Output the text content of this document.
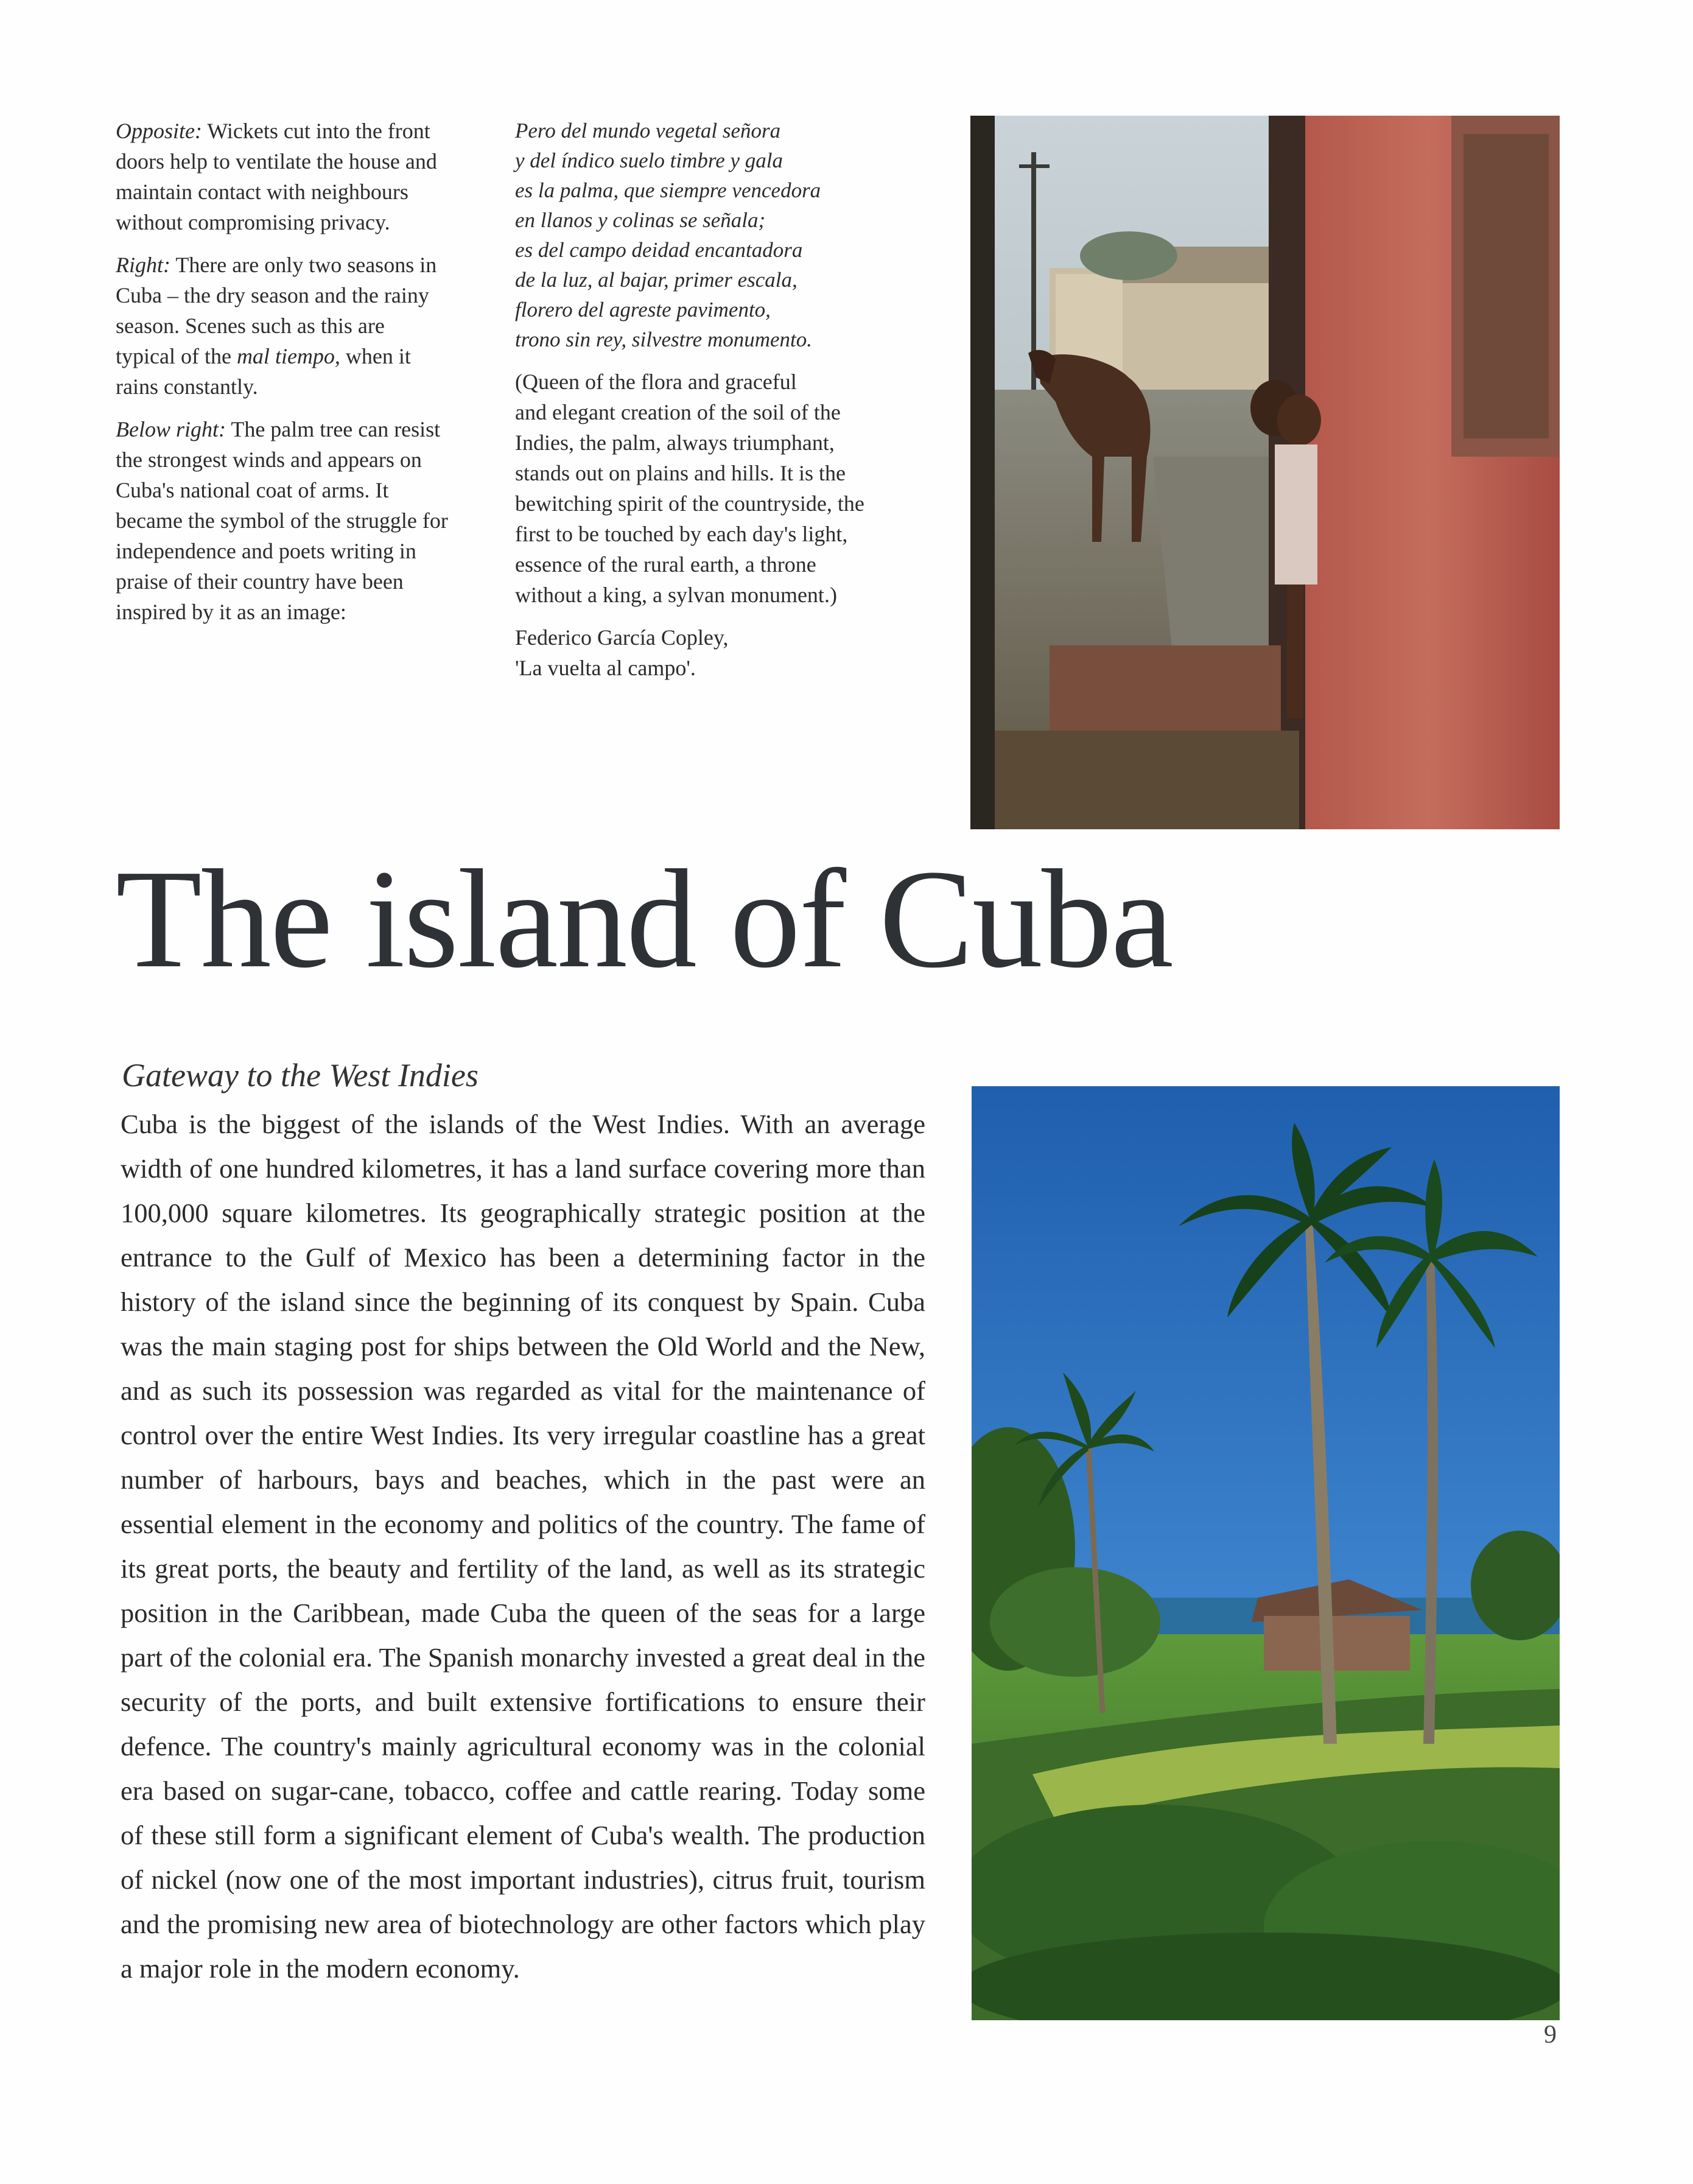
Opposite: Wickets cut into the front doors help to ventilate the house and maintain contact with neighbours without compromising privacy.

Right: There are only two seasons in Cuba – the dry season and the rainy season. Scenes such as this are typical of the mal tiempo, when it rains constantly.

Below right: The palm tree can resist the strongest winds and appears on Cuba's national coat of arms. It became the symbol of the struggle for independence and poets writing in praise of their country have been inspired by it as an image:

Pero del mundo vegetal señora
y del índico suelo timbre y gala
es la palma, que siempre vencedora
en llanos y colinas se señala;
es del campo deidad encantadora
de la luz, al bajar, primer escala,
florero del agreste pavimento,
trono sin rey, silvestre monumento.
(Queen of the flora and graceful
and elegant creation of the soil of the
Indies, the palm, always triumphant,
stands out on plains and hills. It is the
bewitching spirit of the countryside, the
first to be touched by each day's light,
essence of the rural earth, a throne
without a king, a sylvan monument.)
Federico García Copley,
'La vuelta al campo'.
The island of Cuba
Gateway to the West Indies

Cuba is the biggest of the islands of the West Indies. With an average width of one hundred kilometres, it has a land surface covering more than 100,000 square kilometres. Its geographically strategic position at the entrance to the Gulf of Mexico has been a determining factor in the history of the island since the beginning of its conquest by Spain. Cuba was the main staging post for ships between the Old World and the New, and as such its possession was regarded as vital for the maintenance of control over the entire West Indies. Its very irregular coastline has a great number of harbours, bays and beaches, which in the past were an essential element in the economy and politics of the country. The fame of its great ports, the beauty and fertility of the land, as well as its strategic position in the Caribbean, made Cuba the queen of the seas for a large part of the colonial era. The Spanish monarchy invested a great deal in the security of the ports, and built extensive fortifications to ensure their defence. The country's mainly agricultural economy was in the colonial era based on sugar-cane, tobacco, coffee and cattle rearing. Today some of these still form a significant element of Cuba's wealth. The production of nickel (now one of the most important industries), citrus fruit, tourism and the promising new area of biotechnology are other factors which play a major role in the modern economy.

9
